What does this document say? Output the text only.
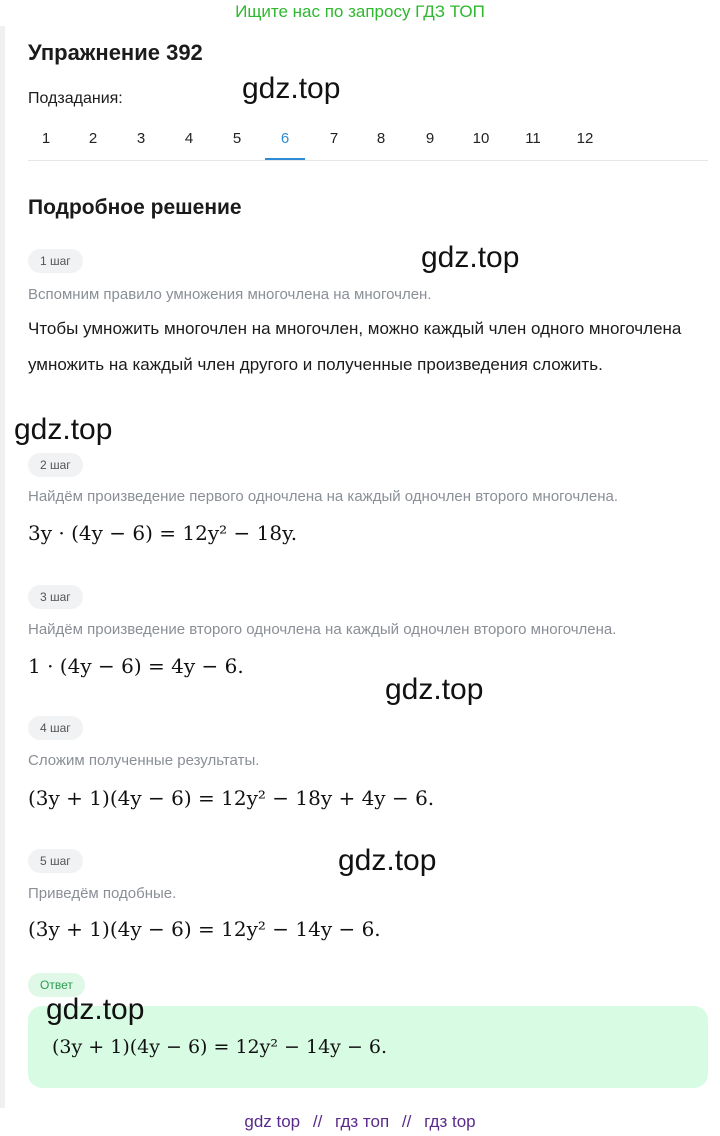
Ищите нас по запросу ГДЗ ТОП
Упражнение 392
Подзадания:
1	2	3	4	5	6	7	8	9	10	11	12
Подробное решение
1 шаг
Вспомним правило умножения многочлена на многочлен.
Чтобы умножить многочлен на многочлен, можно каждый член одного многочлена умножить на каждый член другого и полученные произведения сложить.
2 шаг
Найдём произведение первого одночлена на каждый одночлен второго многочлена.
3y · (4y − 6) = 12y² − 18y.
3 шаг
Найдём произведение второго одночлена на каждый одночлен второго многочлена.
1 · (4y − 6) = 4y − 6.
4 шаг
Сложим полученные результаты.
(3y + 1)(4y − 6) = 12y² − 18y + 4y − 6.
5 шаг
Приведём подобные.
(3y + 1)(4y − 6) = 12y² − 14y − 6.
Ответ
(3y + 1)(4y − 6) = 12y² − 14y − 6.
gdz.top
gdz.top
gdz.top
gdz.top
gdz.top
gdz.top
gdz top // гдз топ // гдз top
